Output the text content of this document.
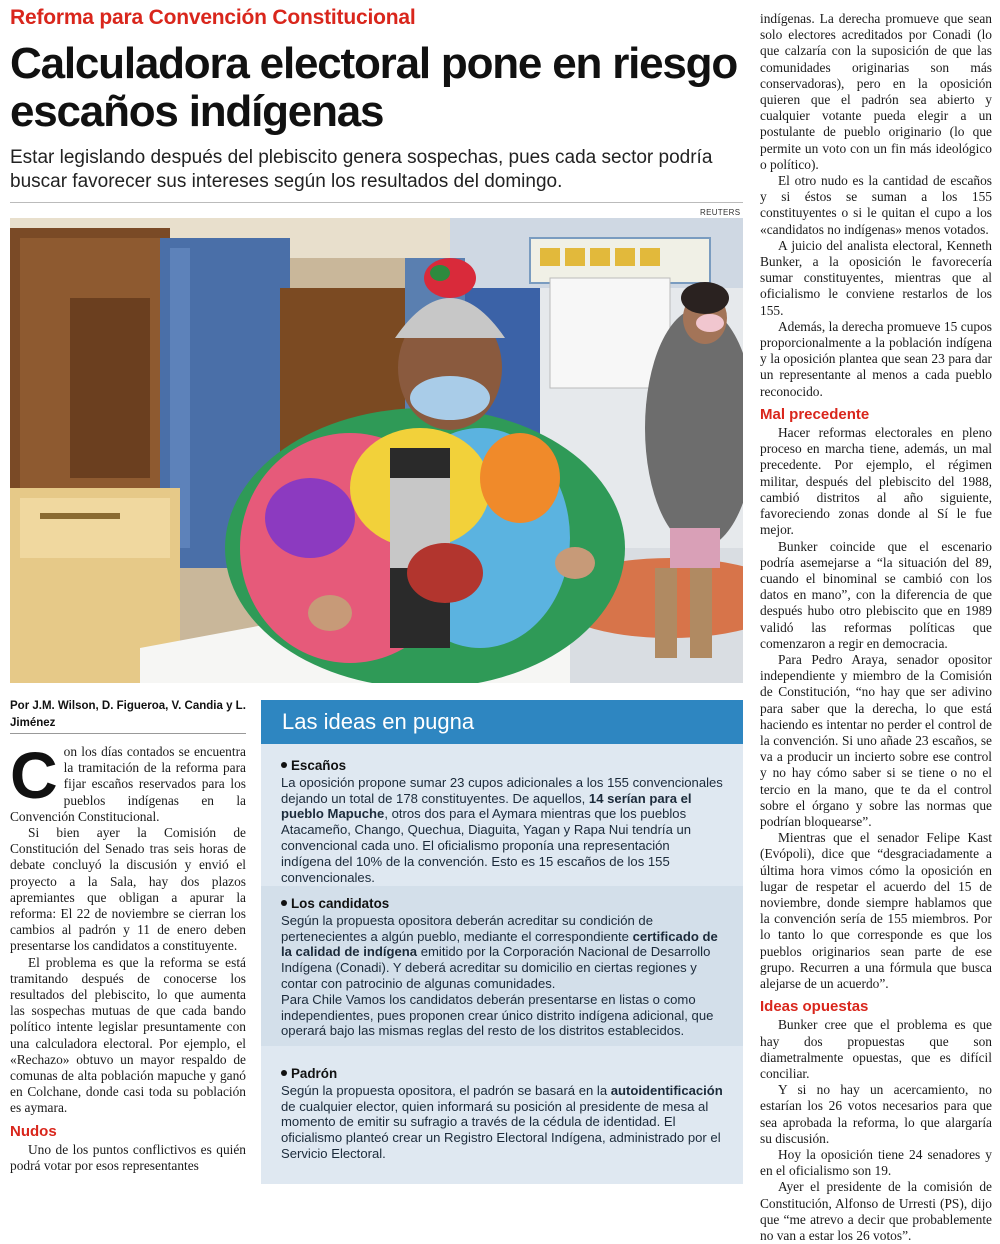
Reforma para Convención Constitucional
Calculadora electoral pone en riesgo escaños indígenas
Estar legislando después del plebiscito genera sospechas, pues cada sector podría buscar favorecer sus intereses según los resultados del domingo.
REUTERS
Por J.M. Wilson, D. Figueroa, V. Candia y L. Jiménez
C on los días contados se encuentra la tramitación de la reforma para fijar escaños reservados para los pueblos indígenas en la Convención Constitucional.

Si bien ayer la Comisión de Constitución del Senado tras seis horas de debate concluyó la discusión y envió el proyecto a la Sala, hay dos plazos apremiantes que obligan a apurar la reforma: El 22 de noviembre se cierran los cambios al padrón y 11 de enero deben presentarse los candidatos a constituyente.

El problema es que la reforma se está tramitando después de conocerse los resultados del plebiscito, lo que aumenta las sospechas mutuas de que cada bando político intente legislar presuntamente con una calculadora electoral. Por ejemplo, el «Rechazo» obtuvo un mayor respaldo de comunas de alta población mapuche y ganó en Colchane, donde casi toda su población es aymara.

Nudos

Uno de los puntos conflictivos es quién podrá votar por esos representantes

Las ideas en pugna
Escaños

La oposición propone sumar 23 cupos adicionales a los 155 convencionales dejando un total de 178 constituyentes. De aquellos, 14 serían para el pueblo Mapuche, otros dos para el Aymara mientras que los pueblos Atacameño, Chango, Quechua, Diaguita, Yagan y Rapa Nui tendría un convencional cada uno. El oficialismo proponía una representación indígena del 10% de la convención. Esto es 15 escaños de los 155 convencionales.

Los candidatos

Según la propuesta opositora deberán acreditar su condición de pertenecientes a algún pueblo, mediante el correspondiente certificado de la calidad de indígena emitido por la Corporación Nacional de Desarrollo Indígena (Conadi). Y deberá acreditar su domicilio en ciertas regiones y contar con patrocinio de algunas comunidades.

Para Chile Vamos los candidatos deberán presentarse en listas o como independientes, pues proponen crear único distrito indígena adicional, que operará bajo las mismas reglas del resto de los distritos establecidos.

Padrón

Según la propuesta opositora, el padrón se basará en la autoidentificación de cualquier elector, quien informará su posición al presidente de mesa al momento de emitir su sufragio a través de la cédula de identidad. El oficialismo planteó crear un Registro Electoral Indígena, administrado por el Servicio Electoral.

indígenas. La derecha promueve que sean solo electores acreditados por Conadi (lo que calzaría con la suposición de que las comunidades originarias son más conservadoras), pero en la oposición quieren que el padrón sea abierto y cualquier votante pueda elegir a un postulante de pueblo originario (lo que permite un voto con un fin más ideológico o político).

El otro nudo es la cantidad de escaños y si éstos se suman a los 155 constituyentes o si le quitan el cupo a los «candidatos no indígenas» menos votados.

A juicio del analista electoral, Kenneth Bunker, a la oposición le favorecería sumar constituyentes, mientras que al oficialismo le conviene restarlos de los 155.

Además, la derecha promueve 15 cupos proporcionalmente a la población indígena y la oposición plantea que sean 23 para dar un representante al menos a cada pueblo reconocido.

Mal precedente

Hacer reformas electorales en pleno proceso en marcha tiene, además, un mal precedente. Por ejemplo, el régimen militar, después del plebiscito del 1988, cambió distritos al año siguiente, favoreciendo zonas donde al Sí le fue mejor.

Bunker coincide que el escenario podría asemejarse a “la situación del 89, cuando el binominal se cambió con los datos en mano”, con la diferencia de que después hubo otro plebiscito que en 1989 validó las reformas políticas que comenzaron a regir en democracia.

Para Pedro Araya, senador opositor independiente y miembro de la Comisión de Constitución, “no hay que ser adivino para saber que la derecha, lo que está haciendo es intentar no perder el control de la convención. Si uno añade 23 escaños, se va a producir un incierto sobre ese control y no hay cómo saber si se tiene o no el tercio en la mano, que te da el control sobre el órgano y sobre las normas que podrían bloquearse”.

Mientras que el senador Felipe Kast (Evópoli), dice que “desgraciadamente a última hora vimos cómo la oposición en lugar de respetar el acuerdo del 15 de noviembre, donde siempre hablamos que la convención sería de 155 miembros. Por lo tanto lo que corresponde es que los pueblos originarios sean parte de ese grupo. Recurren a una fórmula que busca alejarse de un acuerdo”.

Ideas opuestas

Bunker cree que el problema es que hay dos propuestas que son diametralmente opuestas, que es difícil conciliar.

Y si no hay un acercamiento, no estarían los 26 votos necesarios para que sea aprobada la reforma, lo que alargaría su discusión.

Hoy la oposición tiene 24 senadores y en el oficialismo son 19.

Ayer el presidente de la comisión de Constitución, Alfonso de Urresti (PS), dijo que “me atrevo a decir que probablemente no van a estar los 26 votos”.
